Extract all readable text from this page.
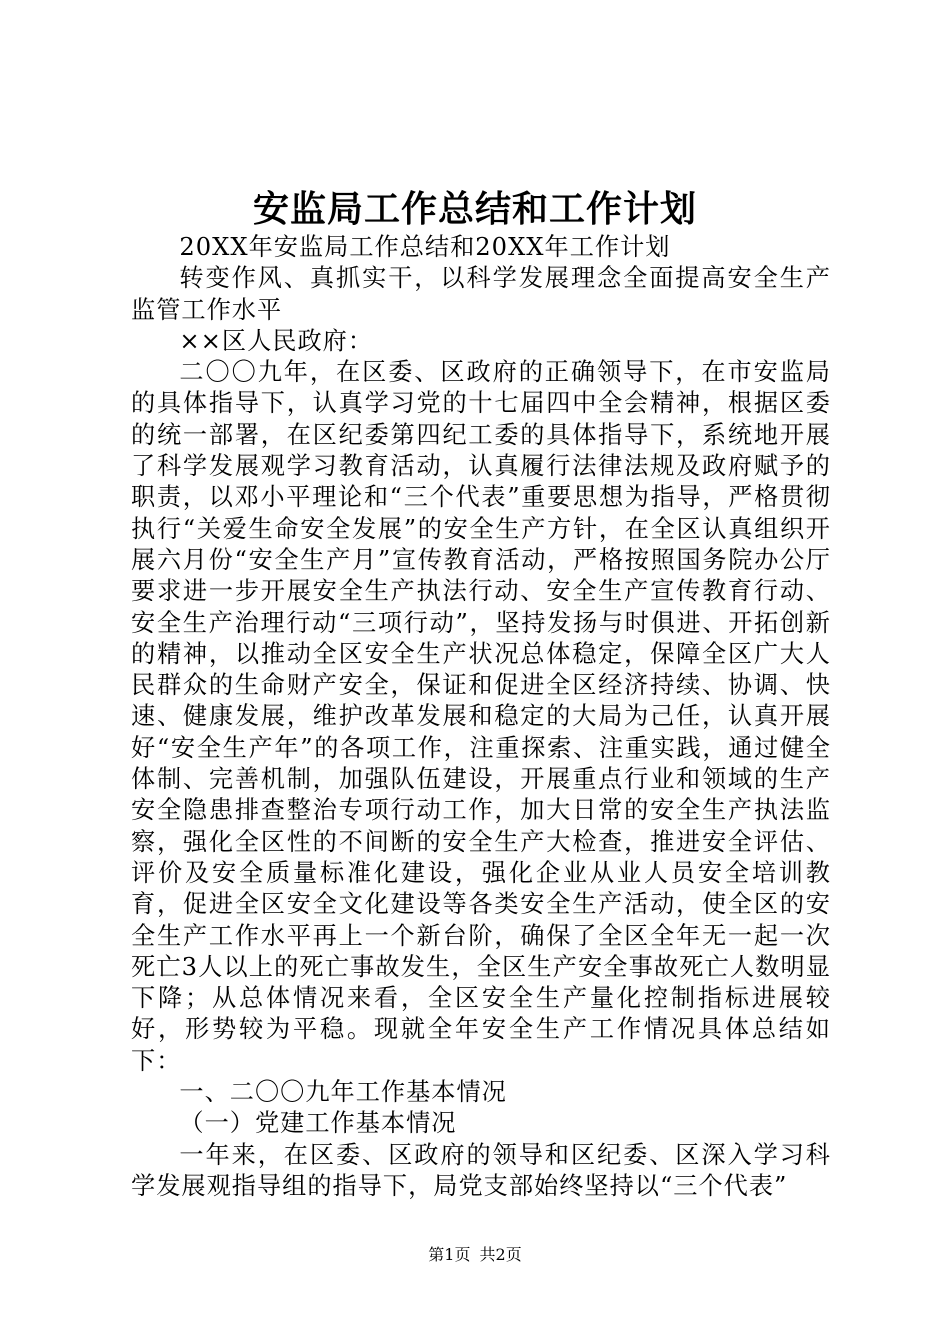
安监局工作总结和工作计划

20XX年安监局工作总结和20XX年工作计划

转变作风、真抓实干，以科学发展理念全面提高安全生产监管工作水平

××区人民政府：

二〇〇九年，在区委、区政府的正确领导下，在市安监局的具体指导下，认真学习党的十七届四中全会精神，根据区委的统一部署，在区纪委第四纪工委的具体指导下，系统地开展了科学发展观学习教育活动，认真履行法律法规及政府赋予的职责，以邓小平理论和“三个代表”重要思想为指导，严格贯彻执行“关爱生命安全发展”的安全生产方针，在全区认真组织开展六月份“安全生产月”宣传教育活动，严格按照国务院办公厅要求进一步开展安全生产执法行动、安全生产宣传教育行动、安全生产治理行动“三项行动”，坚持发扬与时俱进、开拓创新的精神，以推动全区安全生产状况总体稳定，保障全区广大人民群众的生命财产安全，保证和促进全区经济持续、协调、快速、健康发展，维护改革发展和稳定的大局为己任，认真开展好“安全生产年”的各项工作，注重探索、注重实践，通过健全体制、完善机制，加强队伍建设，开展重点行业和领域的生产安全隐患排查整治专项行动工作，加大日常的安全生产执法监察，强化全区性的不间断的安全生产大检查，推进安全评估、评价及安全质量标准化建设，强化企业从业人员安全培训教育，促进全区安全文化建设等各类安全生产活动，使全区的安全生产工作水平再上一个新台阶，确保了全区全年无一起一次死亡3人以上的死亡事故发生，全区生产安全事故死亡人数明显下降；从总体情况来看，全区安全生产量化控制指标进展较好，形势较为平稳。现就全年安全生产工作情况具体总结如下：

一、二〇〇九年工作基本情况

（一）党建工作基本情况

一年来，在区委、区政府的领导和区纪委、区深入学习科学发展观指导组的指导下，局党支部始终坚持以“三个代表”

第1页 共2页
